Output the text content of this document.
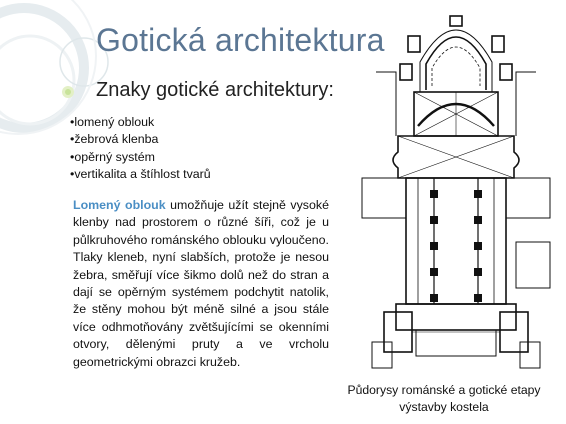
Gotická architektura
Znaky gotické architektury:
• lomený oblouk
• žebrová klenba
• opěrný systém
• vertikalita a štíhlost tvarů
Lomený oblouk umožňuje užít stejně vysoké klenby nad prostorem o různé šíři, což je u půlkruhového románského oblouku vyloučeno. Tlaky kleneb, nyní slabších, protože je nesou žebra, směřují více šikmo dolů než do stran a dají se opěrným systémem podchytit natolik, že stěny mohou být méně silné a jsou stále více odhmotňovány zvětšujícími se okenními otvory, dělenými pruty a ve vrcholu geometrickými obrazci kružeb.
Půdorysy románské a gotické etapy výstavby kostela
